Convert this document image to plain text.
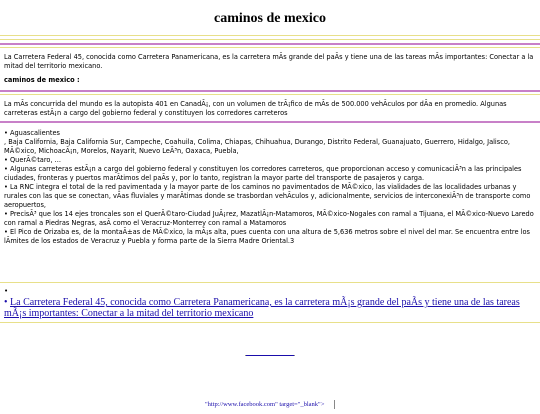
caminos de mexico
La Carretera Federal 45, conocida como Carretera Panamericana, es la carretera mÃs grande del paÃs y tiene una de las tareas mÃs importantes: Conectar a la mitad del territorio mexicano.
caminos de mexico :
La mÃs concurrida del mundo es la autopista 401 en CanadÃ¡, con un volumen de trÃ¡fico de mÃs de 500.000 vehÃculos por dÃa en promedio. Algunas carreteras estÃ¡n a cargo del gobierno federal y constituyen los corredores carreteros

• Aguascalientes

, Baja California, Baja California Sur, Campeche, Coahuila, Colima, Chiapas, Chihuahua, Durango, Distrito Federal, Guanajuato, Guerrero, Hidalgo, Jalisco, MÃ©xico, MichoacÃ¡n, Morelos, Nayarit, Nuevo LeÃ³n, Oaxaca, Puebla,

• QuerÃ©taro, ...

• Algunas carreteras estÃ¡n a cargo del gobierno federal y constituyen los corredores carreteros, que proporcionan acceso y comunicaciÃ³n a las principales ciudades, fronteras y puertos marÃtimos del paÃs y, por lo tanto, registran la mayor parte del transporte de pasajeros y carga.

• La RNC integra el total de la red pavimentada y la mayor parte de los caminos no pavimentados de MÃ©xico, las vialidades de las localidades urbanas y rurales con las que se conectan, vÃas fluviales y marÃtimas donde se trasbordan vehÃculos y, adicionalmente, servicios de interconexiÃ³n de transporte como aeropuertos,

• PrecisÃ³ que los 14 ejes troncales son el QuerÃ©taro-Ciudad JuÃ¡rez, MazatlÃ¡n-Matamoros, MÃ©xico-Nogales con ramal a Tijuana, el MÃ©xico-Nuevo Laredo con ramal a Piedras Negras, asÃ como el Veracruz-Monterrey con ramal a Matamoros

• El Pico de Orizaba es, de la montaÃ±as de MÃ©xico, la mÃ¡s alta, pues cuenta con una altura de 5,636 metros sobre el nivel del mar. Se encuentra entre los lÃmites de los estados de Veracruz y Puebla y forma parte de la Sierra Madre Oriental.3

•
• La Carretera Federal 45, conocida como Carretera Panamericana, es la carretera mÃ¡s grande del paÃs y tiene una de las tareas mÃ¡s importantes: Conectar a la mitad del territorio mexicano
"http://www.facebook.com" target="_blank">
